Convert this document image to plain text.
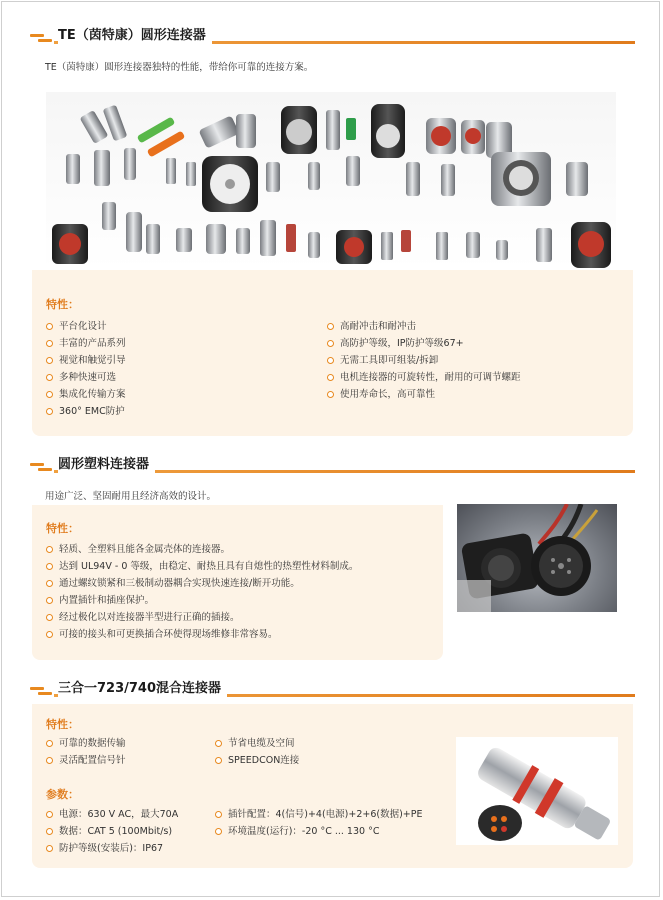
TE（茵特康）圆形连接器
TE（茵特康）圆形连接器独特的性能，带给你可靠的连接方案。
特性：
平台化设计
丰富的产品系列
视觉和触觉引导
多种快速可选
集成化传输方案
360° EMC防护
高耐冲击和耐冲击
高防护等级，IP防护等级67+
无需工具即可组装/拆卸
电机连接器的可旋转性，耐用的可调节螺距
使用寿命长，高可靠性
圆形塑料连接器
用途广泛、坚固耐用且经济高效的设计。
特性：
轻质、全塑料且能各金属壳体的连接器。
达到 UL94V - 0 等级，由稳定、耐热且具有自熄性的热塑性材料制成。
通过螺纹锁紧和三极制动器耦合实现快速连接/断开功能。
内置插针和插座保护。
经过极化以对连接器半型进行正确的插接。
可接的接头和可更换插合环使得现场维修非常容易。
三合一723/740混合连接器
特性：
可靠的数据传输
灵活配置信号针
节省电缆及空间
SPEEDCON连接
参数：
电源：630 V AC，最大70A
数据：CAT 5 (100Mbit/s)
防护等级(安装后)：IP67
插针配置：4(信号)+4(电源)+2+6(数据)+PE
环境温度(运行)：-20 °C ... 130 °C
